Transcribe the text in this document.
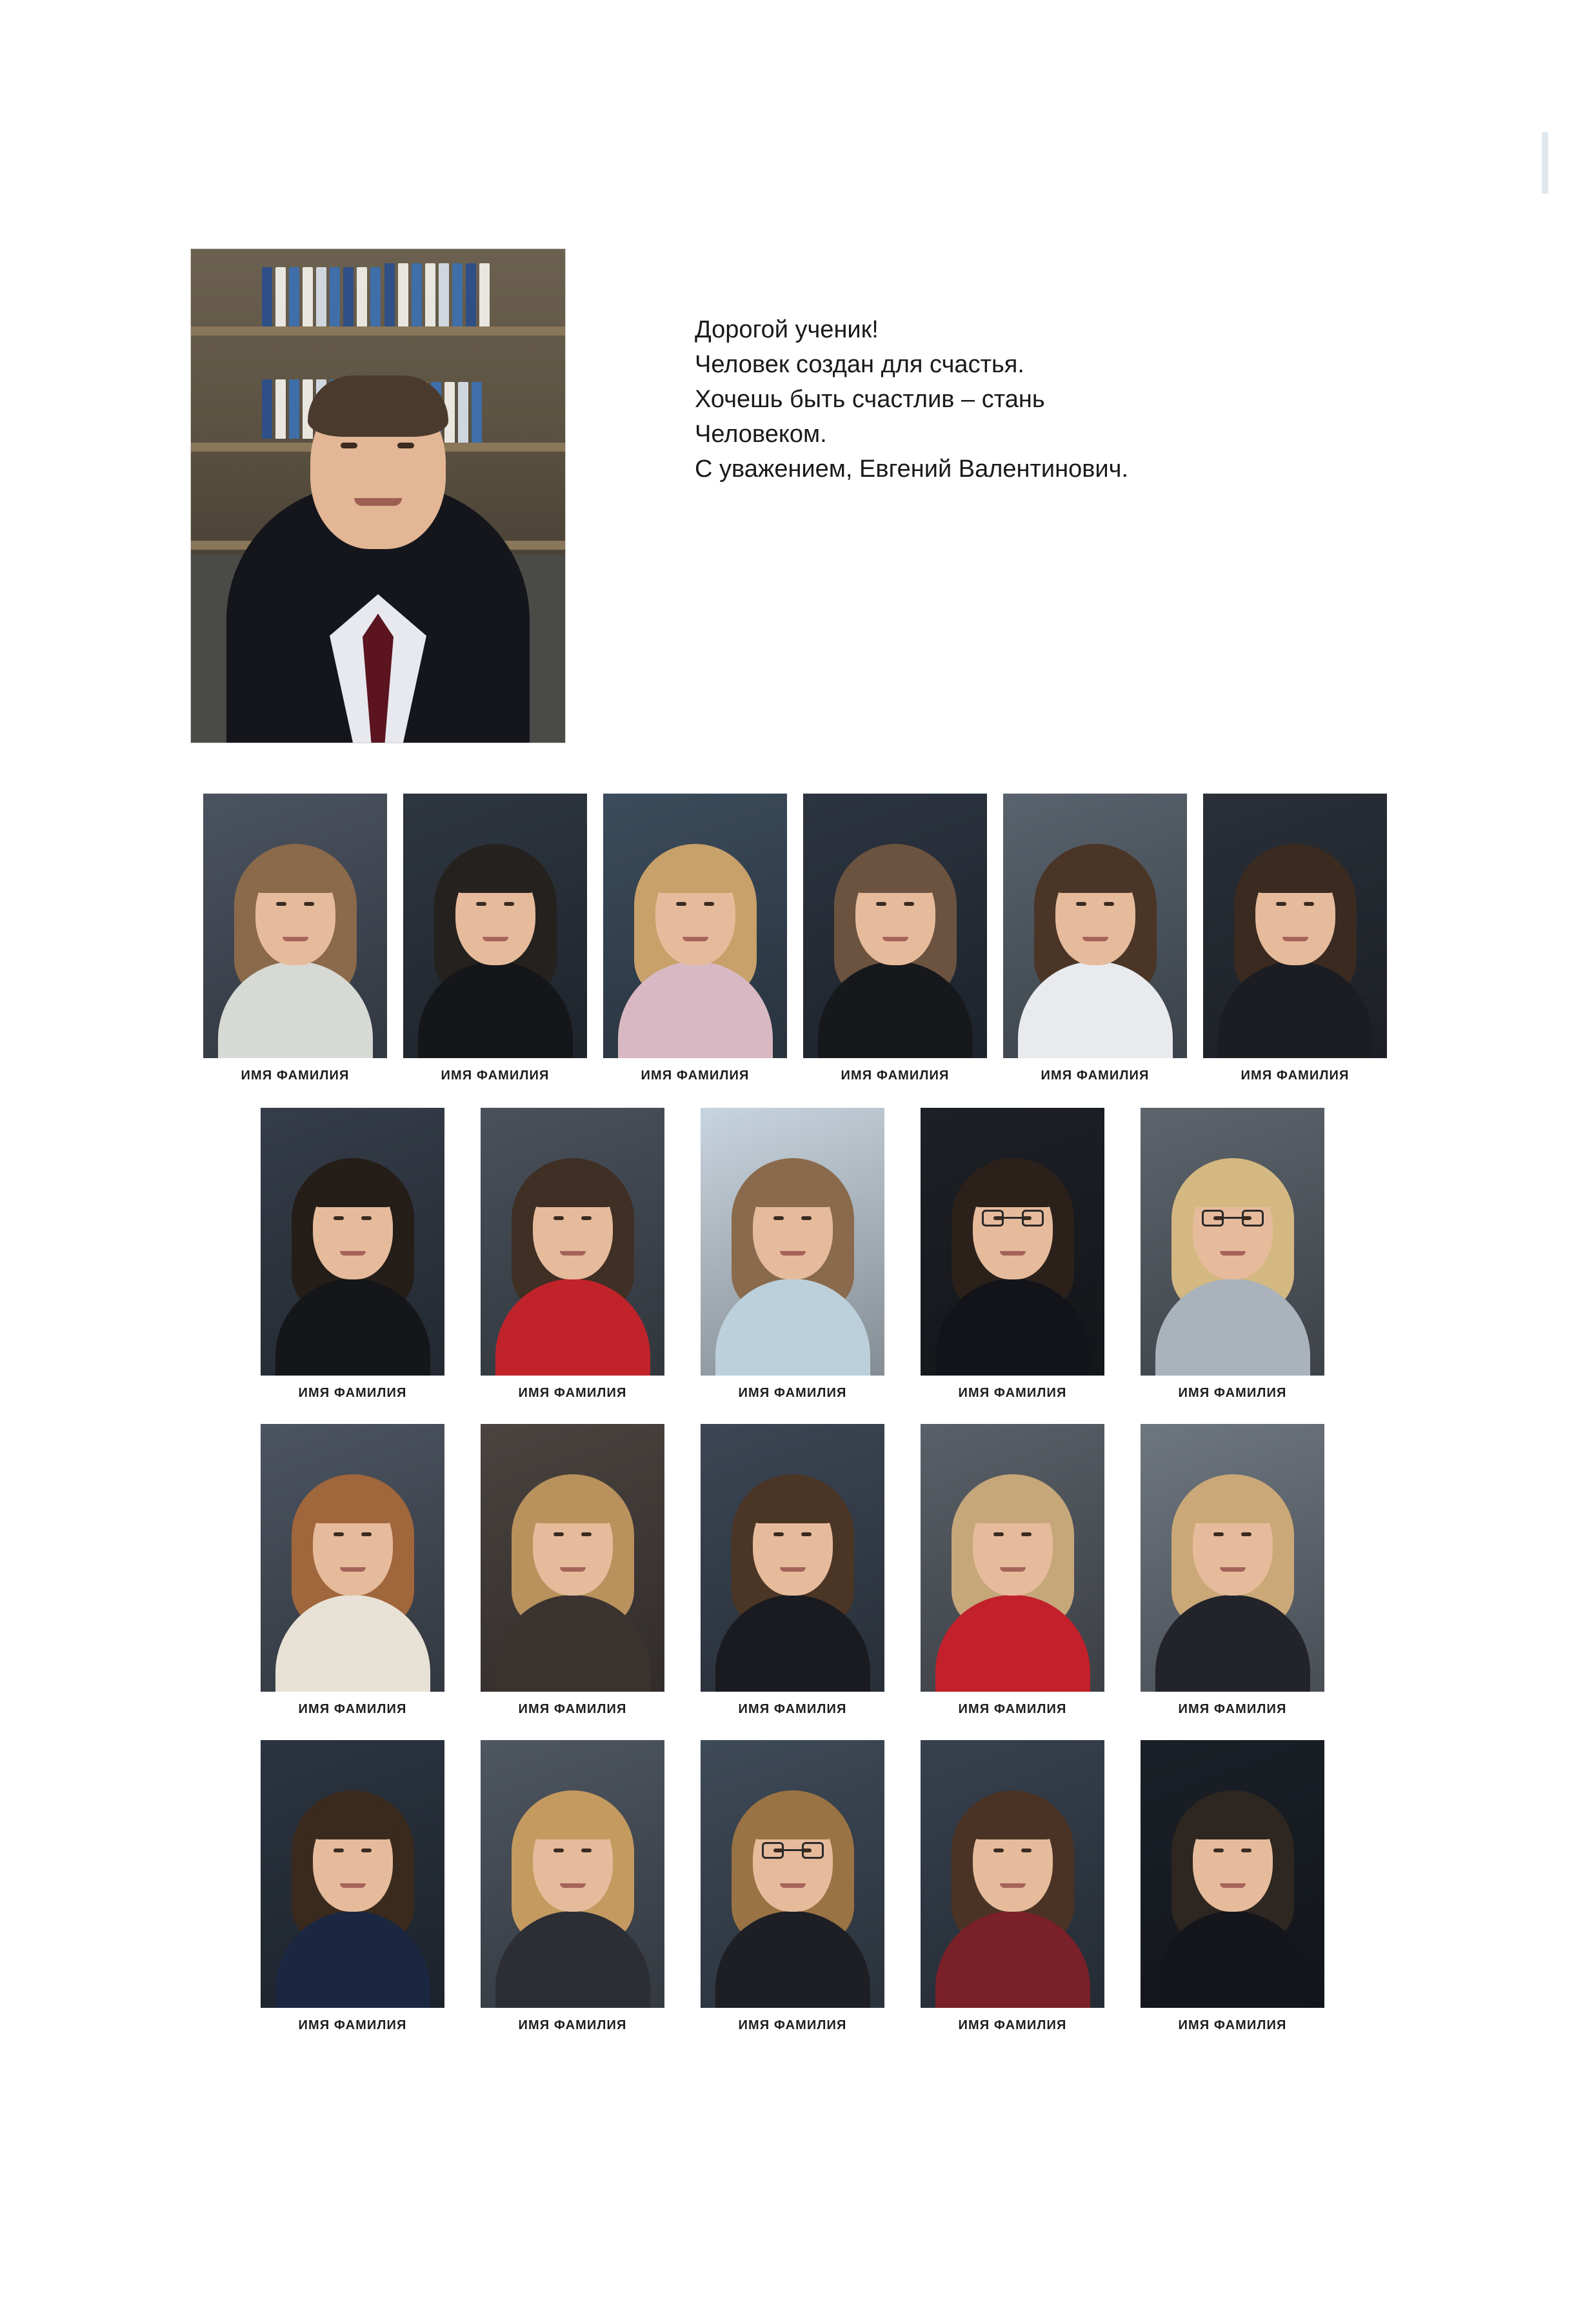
Дорогой ученик!

Человек создан для счастья.

Хочешь быть счастлив – стань

Человеком.

С уважением, Евгений Валентинович.

ИМЯ ФАМИЛИЯ	ИМЯ ФАМИЛИЯ	ИМЯ ФАМИЛИЯ	ИМЯ ФАМИЛИЯ	ИМЯ ФАМИЛИЯ	ИМЯ ФАМИЛИЯ
ИМЯ ФАМИЛИЯ	ИМЯ ФАМИЛИЯ	ИМЯ ФАМИЛИЯ	ИМЯ ФАМИЛИЯ	ИМЯ ФАМИЛИЯ
ИМЯ ФАМИЛИЯ	ИМЯ ФАМИЛИЯ	ИМЯ ФАМИЛИЯ	ИМЯ ФАМИЛИЯ	ИМЯ ФАМИЛИЯ
ИМЯ ФАМИЛИЯ	ИМЯ ФАМИЛИЯ	ИМЯ ФАМИЛИЯ	ИМЯ ФАМИЛИЯ	ИМЯ ФАМИЛИЯ
